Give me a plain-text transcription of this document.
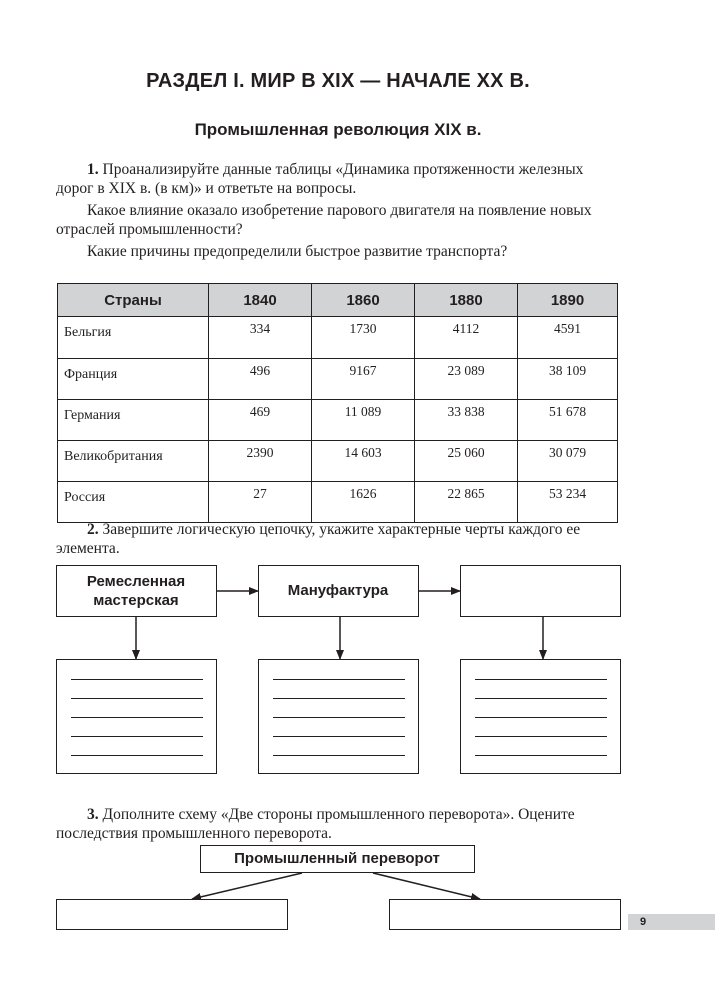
РАЗДЕЛ I. МИР В XIX — НАЧАЛЕ XX В.
Промышленная революция XIX в.

1. Проанализируйте данные таблицы «Динамика протяженности железных дорог в XIX в. (в км)» и ответьте на вопросы.

Какое влияние оказало изобретение парового двигателя на появление новых отраслей промышленности?

Какие причины предопределили быстрое развитие транспорта?

Страны	1840	1860	1880	1890
Бельгия	334	1730	4112	4591
Франция	496	9167	23 089	38 109
Германия	469	11 089	33 838	51 678
Великобритания	2390	14 603	25 060	30 079
Россия	27	1626	22 865	53 234

2. Завершите логическую цепочку, укажите характерные черты каждого ее элемента.

Ремесленная мастерская
Мануфактура

3. Дополните схему «Две стороны промышленного переворота». Оцените последствия промышленного переворота.

Промышленный переворот
9
